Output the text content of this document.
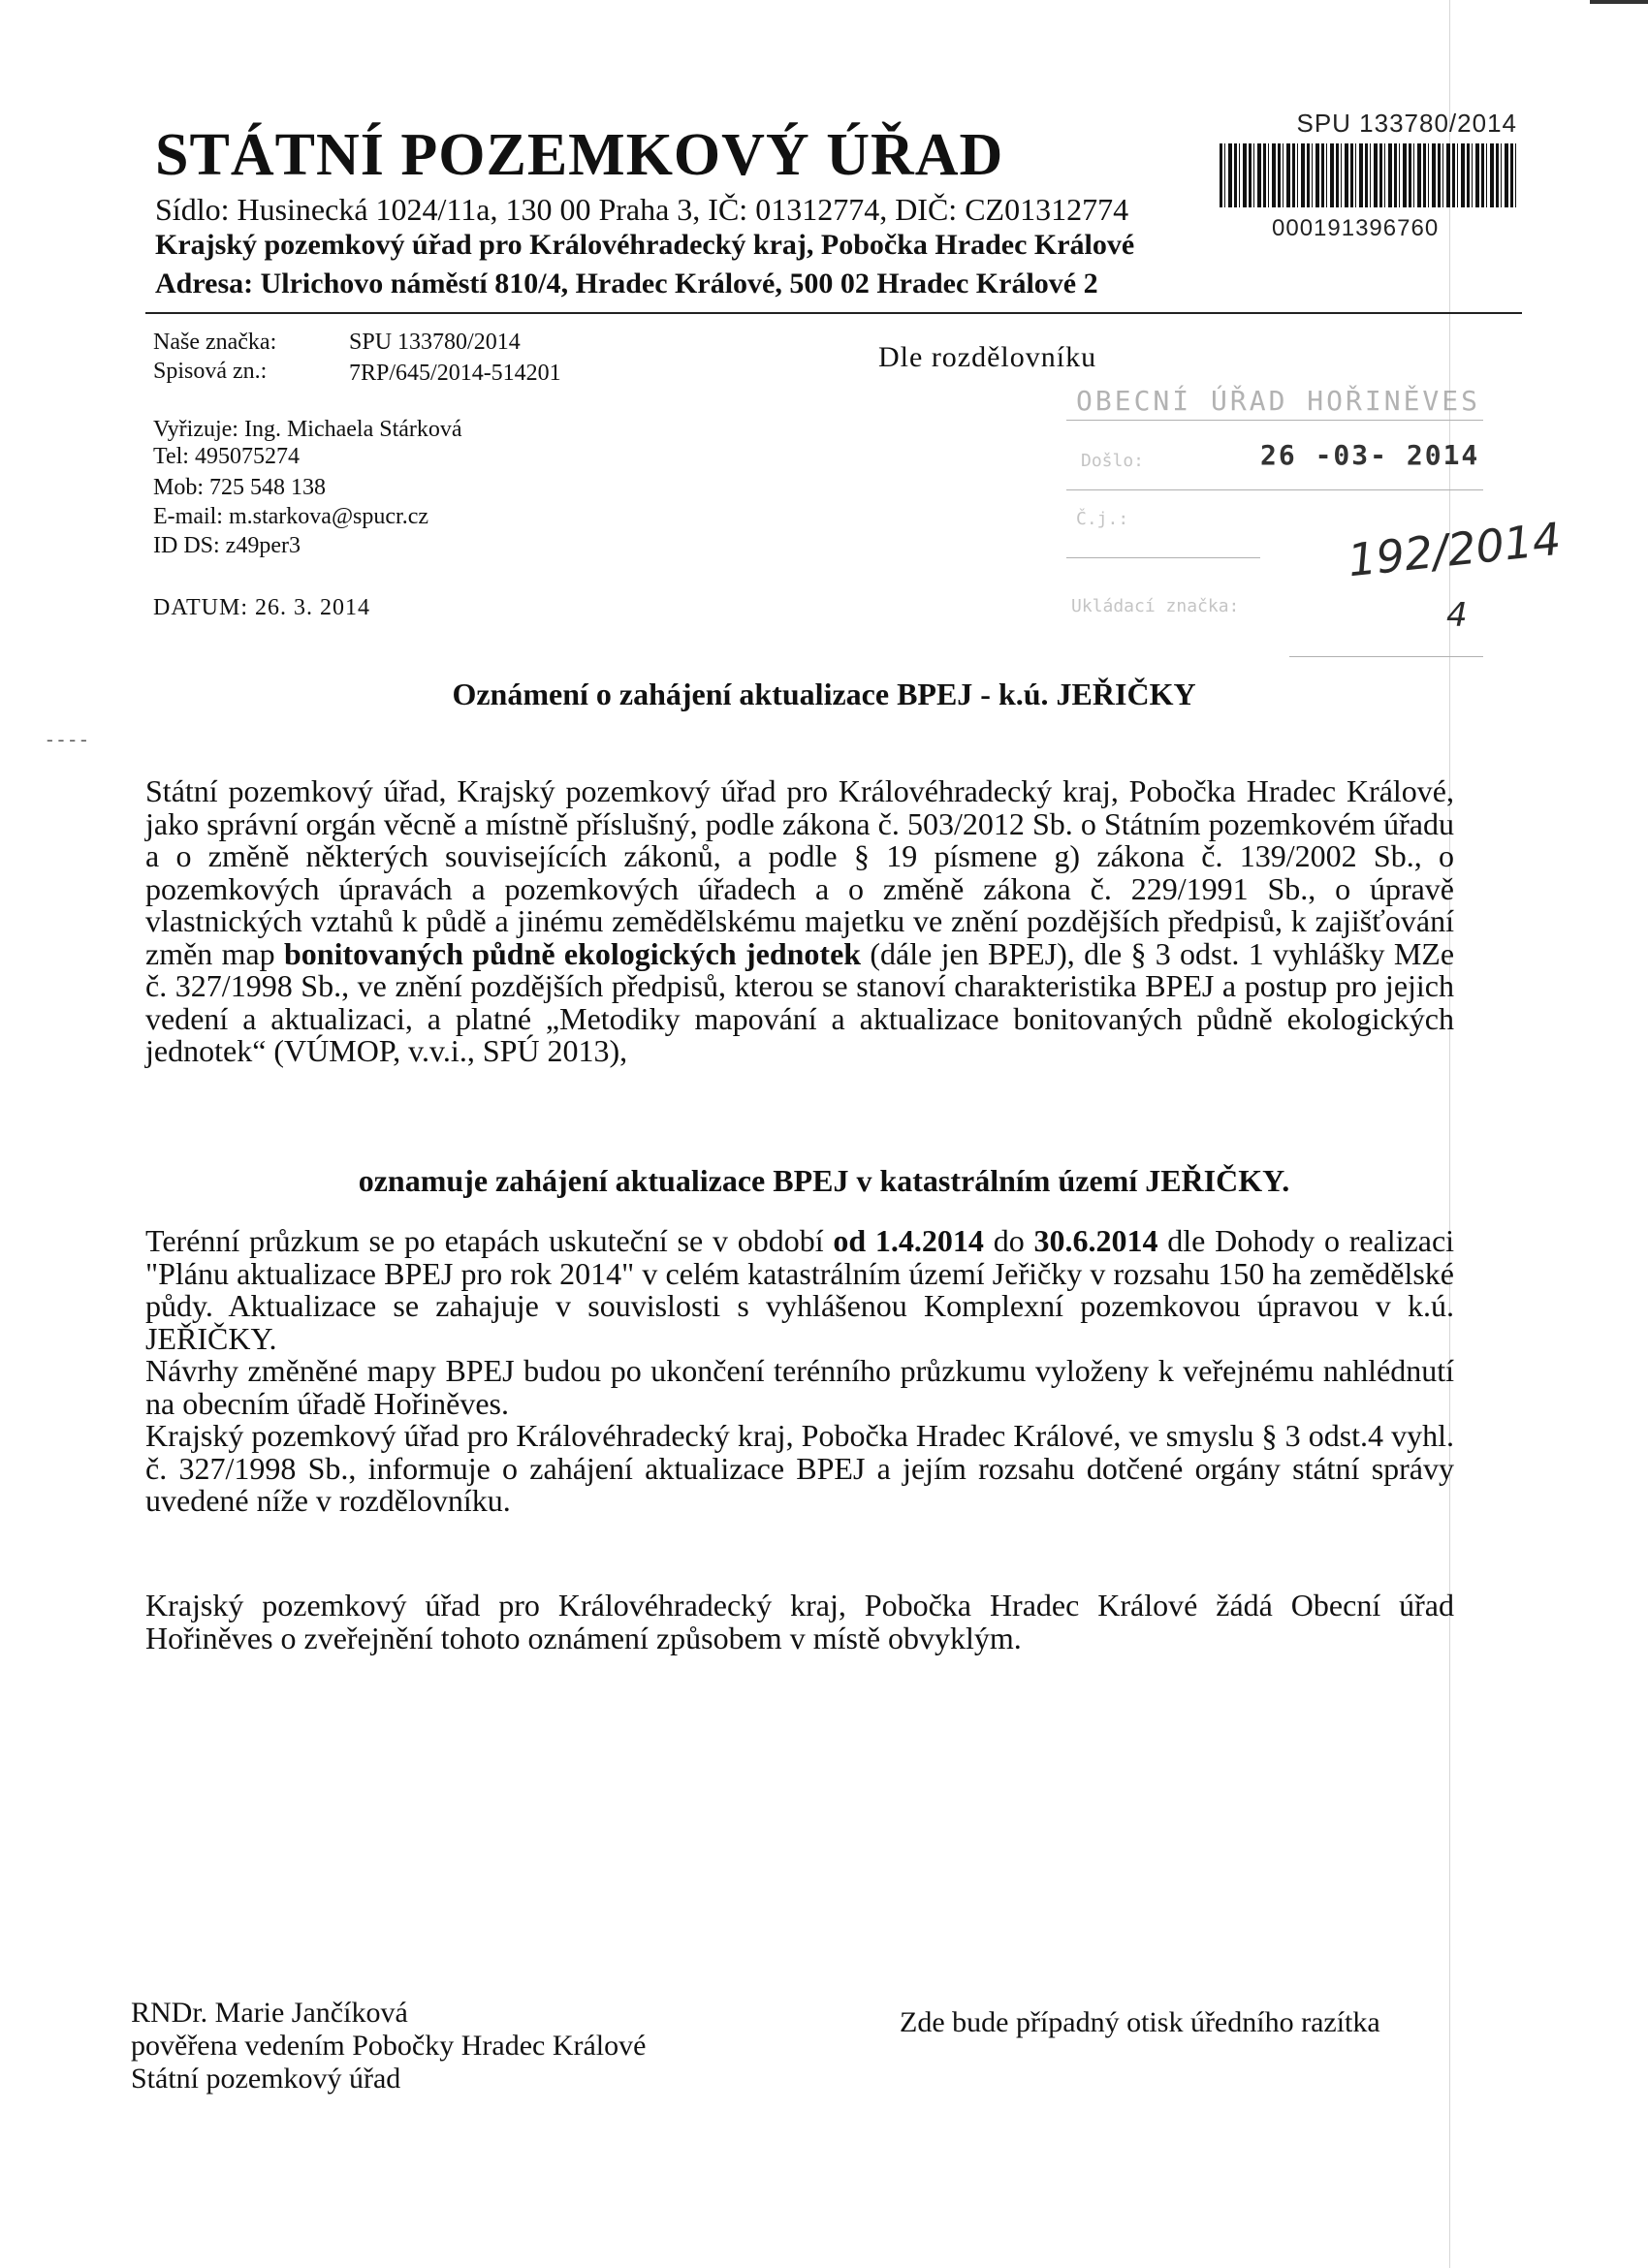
STÁTNÍ POZEMKOVÝ ÚŘAD
Sídlo: Husinecká 1024/11a, 130 00 Praha 3, IČ: 01312774, DIČ: CZ01312774
Krajský pozemkový úřad pro Královéhradecký kraj, Pobočka Hradec Králové
Adresa: Ulrichovo náměstí 810/4, Hradec Králové, 500 02 Hradec Králové 2
SPU 133780/2014
000191396760
Naše značka:	SPU 133780/2014
Spisová zn.:	7RP/645/2014-514201
Vyřizuje: Ing. Michaela Stárková
Tel: 495075274
Mob: 725 548 138
E-mail: m.starkova@spucr.cz
ID DS: z49per3
DATUM: 26. 3. 2014
Dle rozdělovníku
OBECNÍ ÚŘAD HOŘINĚVES
Došlo:	26 -03- 2014
Č.j.:
Ukládací značka:
192/2014
4
- - - -
Oznámení o zahájení aktualizace BPEJ - k.ú. JEŘIČKY
Státní pozemkový úřad, Krajský pozemkový úřad pro Královéhradecký kraj, Pobočka Hradec Králové, jako správní orgán věcně a místně příslušný, podle zákona č. 503/2012 Sb. o Státním pozemkovém úřadu a o změně některých souvisejících zákonů, a podle § 19 písmene g) zákona č. 139/2002 Sb., o pozemkových úpravách a pozemkových úřadech a o změně zákona č. 229/1991 Sb., o úpravě vlastnických vztahů k půdě a jinému zemědělskému majetku ve znění pozdějších předpisů, k zajišťování změn map bonitovaných půdně ekologických jednotek (dále jen BPEJ), dle § 3 odst. 1 vyhlášky MZe č. 327/1998 Sb., ve znění pozdějších předpisů, kterou se stanoví charakteristika BPEJ a postup pro jejich vedení a aktualizaci, a platné „Metodiky mapování a aktualizace bonitovaných půdně ekologických jednotek“ (VÚMOP, v.v.i., SPÚ 2013),
oznamuje zahájení aktualizace BPEJ v katastrálním území JEŘIČKY.
Terénní průzkum se po etapách uskuteční se v období od 1.4.2014 do 30.6.2014 dle Dohody o realizaci "Plánu aktualizace BPEJ pro rok 2014" v celém katastrálním území Jeřičky v rozsahu 150 ha zemědělské půdy. Aktualizace se zahajuje v souvislosti s vyhlášenou Komplexní pozemkovou úpravou v k.ú. JEŘIČKY.
Návrhy změněné mapy BPEJ budou po ukončení terénního průzkumu vyloženy k veřejnému nahlédnutí na obecním úřadě Hořiněves.
Krajský pozemkový úřad pro Královéhradecký kraj, Pobočka Hradec Králové, ve smyslu § 3 odst.4 vyhl. č. 327/1998 Sb., informuje o zahájení aktualizace BPEJ a jejím rozsahu dotčené orgány státní správy uvedené níže v rozdělovníku.
Krajský pozemkový úřad pro Královéhradecký kraj, Pobočka Hradec Králové žádá Obecní úřad Hořiněves o zveřejnění tohoto oznámení způsobem v místě obvyklým.
RNDr. Marie Jančíková
pověřena vedením Pobočky Hradec Králové
Státní pozemkový úřad
Zde bude případný otisk úředního razítka
